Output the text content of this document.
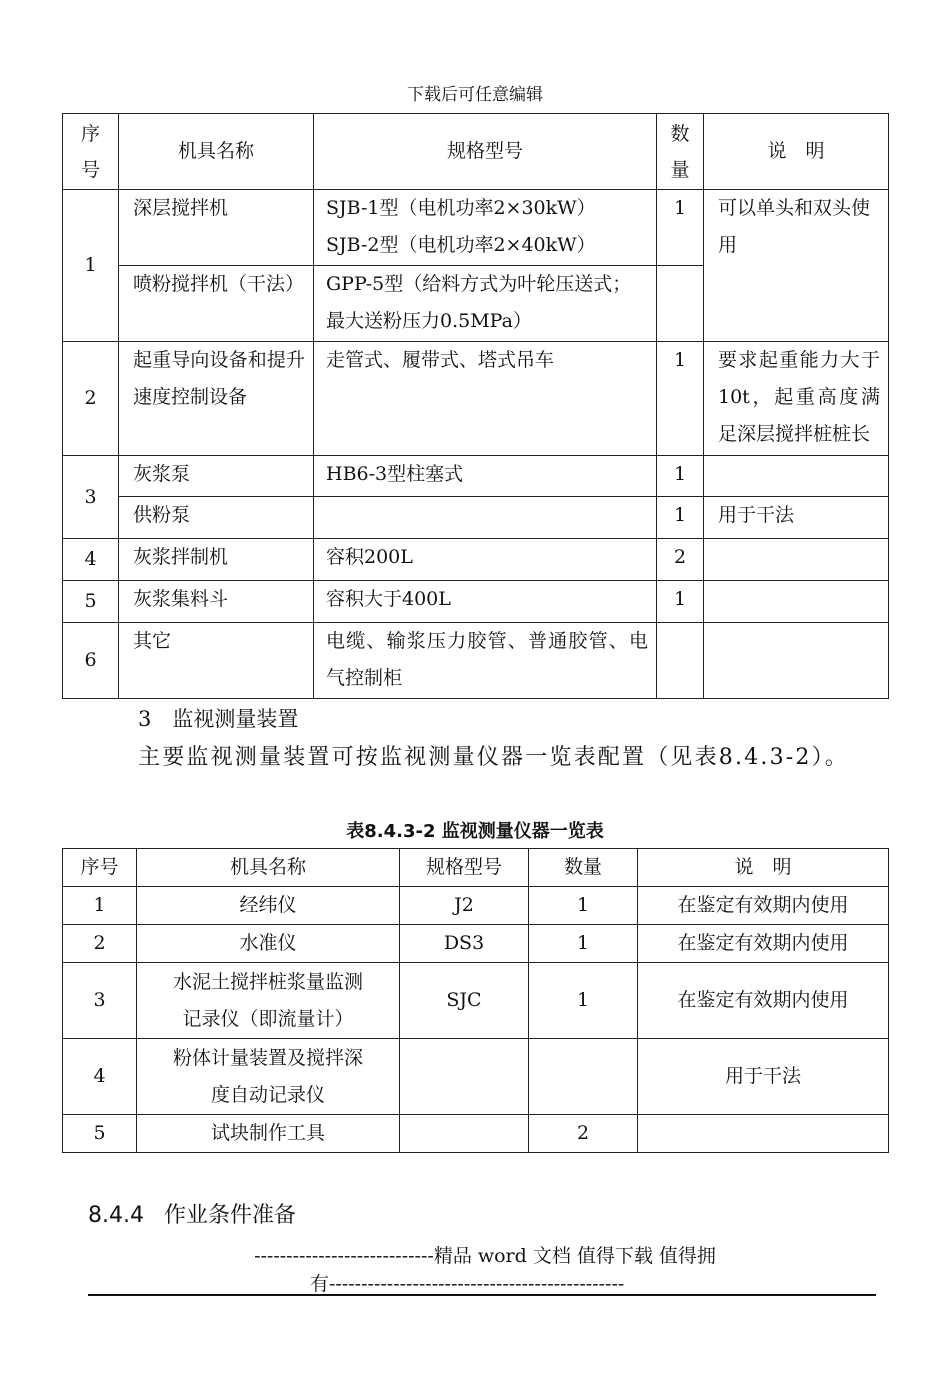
下载后可任意编辑
序号	机具名称	规格型号	数量	说　明
1	深层搅拌机	SJB-1型（电机功率2×30kW）
SJB-2型（电机功率2×40kW）	1	可以单头和双头使用
	喷粉搅拌机（干法）	GPP-5型（给料方式为叶轮压送式；最大送粉压力0.5MPa）		
2	起重导向设备和提升速度控制设备	走管式、履带式、塔式吊车	1	要求起重能力大于10t，起重高度满足深层搅拌桩桩长
3	灰浆泵	HB6-3型柱塞式	1	
	供粉泵		1	用于干法
4	灰浆拌制机	容积200L	2	
5	灰浆集料斗	容积大于400L	1	
6	其它	电缆、输浆压力胶管、普通胶管、电气控制柜		
3　监视测量装置
主要监视测量装置可按监视测量仪器一览表配置（见表8.4.3-2）。
表8.4.3-2 监视测量仪器一览表
序号	机具名称	规格型号	数量	说　明
1	经纬仪	J2	1	在鉴定有效期内使用
2	水准仪	DS3	1	在鉴定有效期内使用
3	水泥土搅拌桩浆量监测
记录仪（即流量计）	SJC	1	在鉴定有效期内使用
4	粉体计量装置及搅拌深
度自动记录仪			用于干法
5	试块制作工具		2	
8.4.4 作业条件准备
----------------------------精品 word 文档 值得下载 值得拥
有----------------------------------------------
